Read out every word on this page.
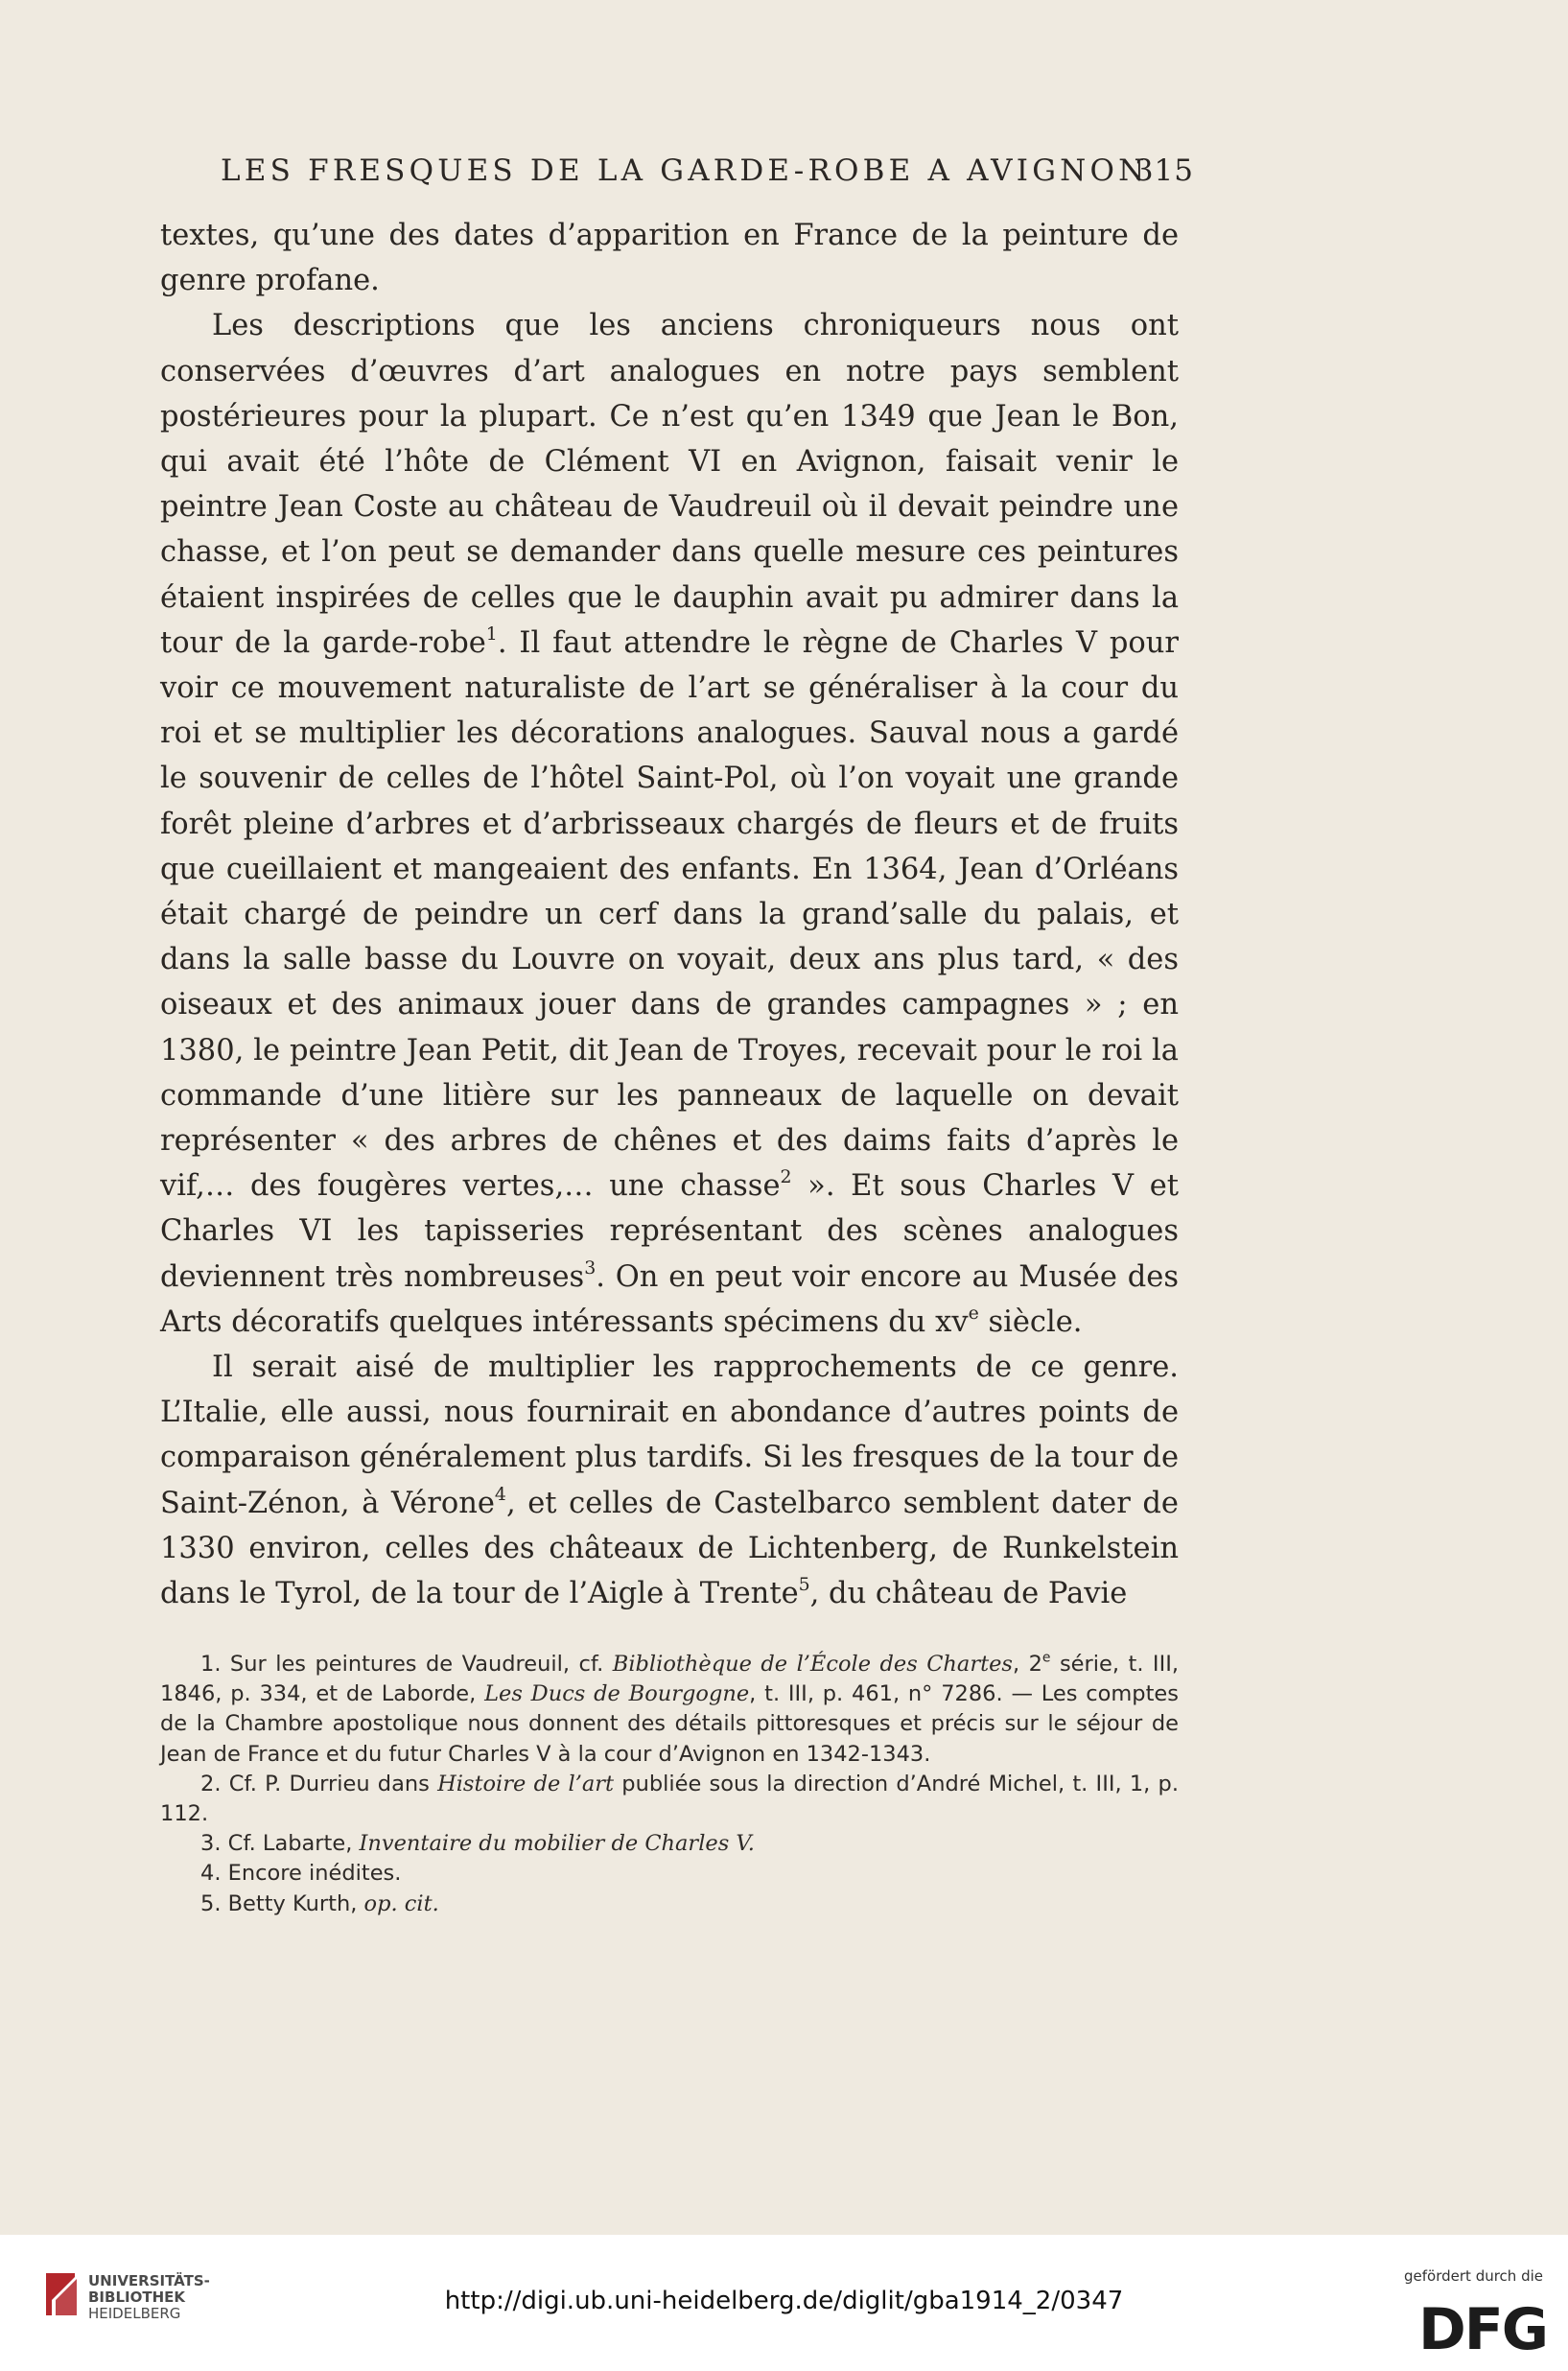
LES FRESQUES DE LA GARDE-ROBE A AVIGNON
315

textes, qu’une des dates d’apparition en France de la peinture de genre profane.

Les descriptions que les anciens chroniqueurs nous ont conservées d’œuvres d’art analogues en notre pays semblent postérieures pour la plupart. Ce n’est qu’en 1349 que Jean le Bon, qui avait été l’hôte de Clément VI en Avignon, faisait venir le peintre Jean Coste au château de Vaudreuil où il devait peindre une chasse, et l’on peut se demander dans quelle mesure ces peintures étaient inspirées de celles que le dauphin avait pu admirer dans la tour de la garde-robe$^1$. Il faut attendre le règne de Charles V pour voir ce mouvement naturaliste de l’art se généraliser à la cour du roi et se multiplier les décorations analogues. Sauval nous a gardé le souvenir de celles de l’hôtel Saint-Pol, où l’on voyait une grande forêt pleine d’arbres et d’arbrisseaux chargés de fleurs et de fruits que cueillaient et mangeaient des enfants. En 1364, Jean d’Orléans était chargé de peindre un cerf dans la grand’salle du palais, et dans la salle basse du Louvre on voyait, deux ans plus tard, « des oiseaux et des animaux jouer dans de grandes campagnes » ; en 1380, le peintre Jean Petit, dit Jean de Troyes, recevait pour le roi la commande d’une litière sur les panneaux de laquelle on devait représenter « des arbres de chênes et des daims faits d’après le vif,… des fougères vertes,… une chasse$^2$ ». Et sous Charles V et Charles VI les tapisseries représentant des scènes analogues deviennent très nombreuses$^3$. On en peut voir encore au Musée des Arts décoratifs quelques intéressants spécimens du $xv^e$ siècle.

Il serait aisé de multiplier les rapprochements de ce genre. L’Italie, elle aussi, nous fournirait en abondance d’autres points de comparaison généralement plus tardifs. Si les fresques de la tour de Saint-Zénon, à Vérone$^4$, et celles de Castelbarco semblent dater de 1330 environ, celles des châteaux de Lichtenberg, de Runkelstein dans le Tyrol, de la tour de l’Aigle à Trente$^5$, du château de Pavie

1. Sur les peintures de Vaudreuil, cf. Bibliothèque de l’École des Chartes, 2e série, t. III, 1846, p. 334, et de Laborde, Les Ducs de Bourgogne, t. III, p. 461, n° 7286. — Les comptes de la Chambre apostolique nous donnent des détails pittoresques et précis sur le séjour de Jean de France et du futur Charles V à la cour d’Avignon en 1342-1343.

2. Cf. P. Durrieu dans Histoire de l’art publiée sous la direction d’André Michel, t. III, 1, p. 112.

3. Cf. Labarte, Inventaire du mobilier de Charles V.

4. Encore inédites.

5. Betty Kurth, op. cit.

UNIVERSITÄTS-
BIBLIOTHEK
HEIDELBERG	http://digi.ub.uni-heidelberg.de/diglit/gba1914_2/0347
gefördert durch die
DFG
